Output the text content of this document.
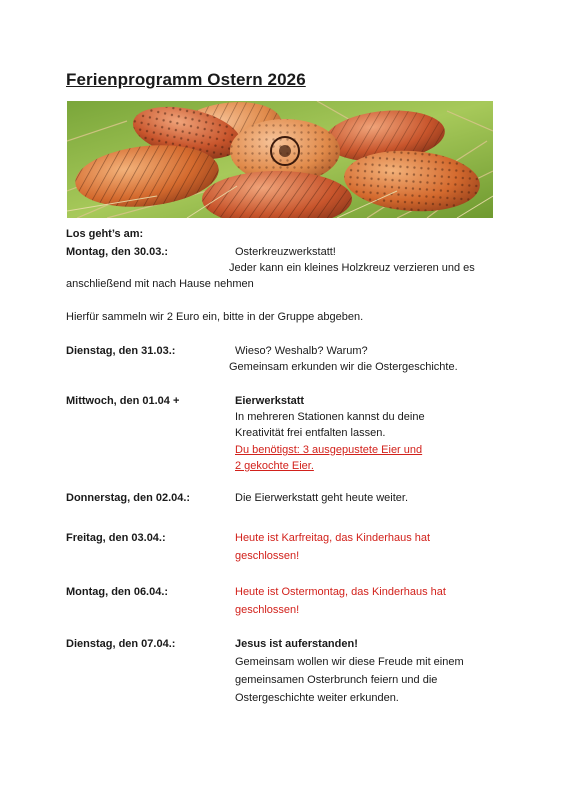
Ferienprogramm Ostern 2026
Los geht’s am:
Montag, den 30.03.:	Osterkreuzwerkstatt!
Jeder kann ein kleines Holzkreuz verzieren und es
anschließend mit nach Hause nehmen
Hierfür sammeln wir 2 Euro ein, bitte in der Gruppe abgeben.
Dienstag, den 31.03.:	Wieso? Weshalb? Warum?
Gemeinsam erkunden wir die Ostergeschichte.
Mittwoch, den 01.04 +	Eierwerkstatt
In mehreren Stationen kannst du deine
Kreativität frei entfalten lassen.
Du benötigst: 3 ausgepustete Eier und
2 gekochte Eier.
Donnerstag, den 02.04.:	Die Eierwerkstatt geht heute weiter.
Freitag, den 03.04.:	Heute ist Karfreitag, das Kinderhaus hat
geschlossen!
Montag, den 06.04.:	Heute ist Ostermontag, das Kinderhaus hat
geschlossen!
Dienstag, den 07.04.:	Jesus ist auferstanden!
Gemeinsam wollen wir diese Freude mit einem
gemeinsamen Osterbrunch feiern und die
Ostergeschichte weiter erkunden.
